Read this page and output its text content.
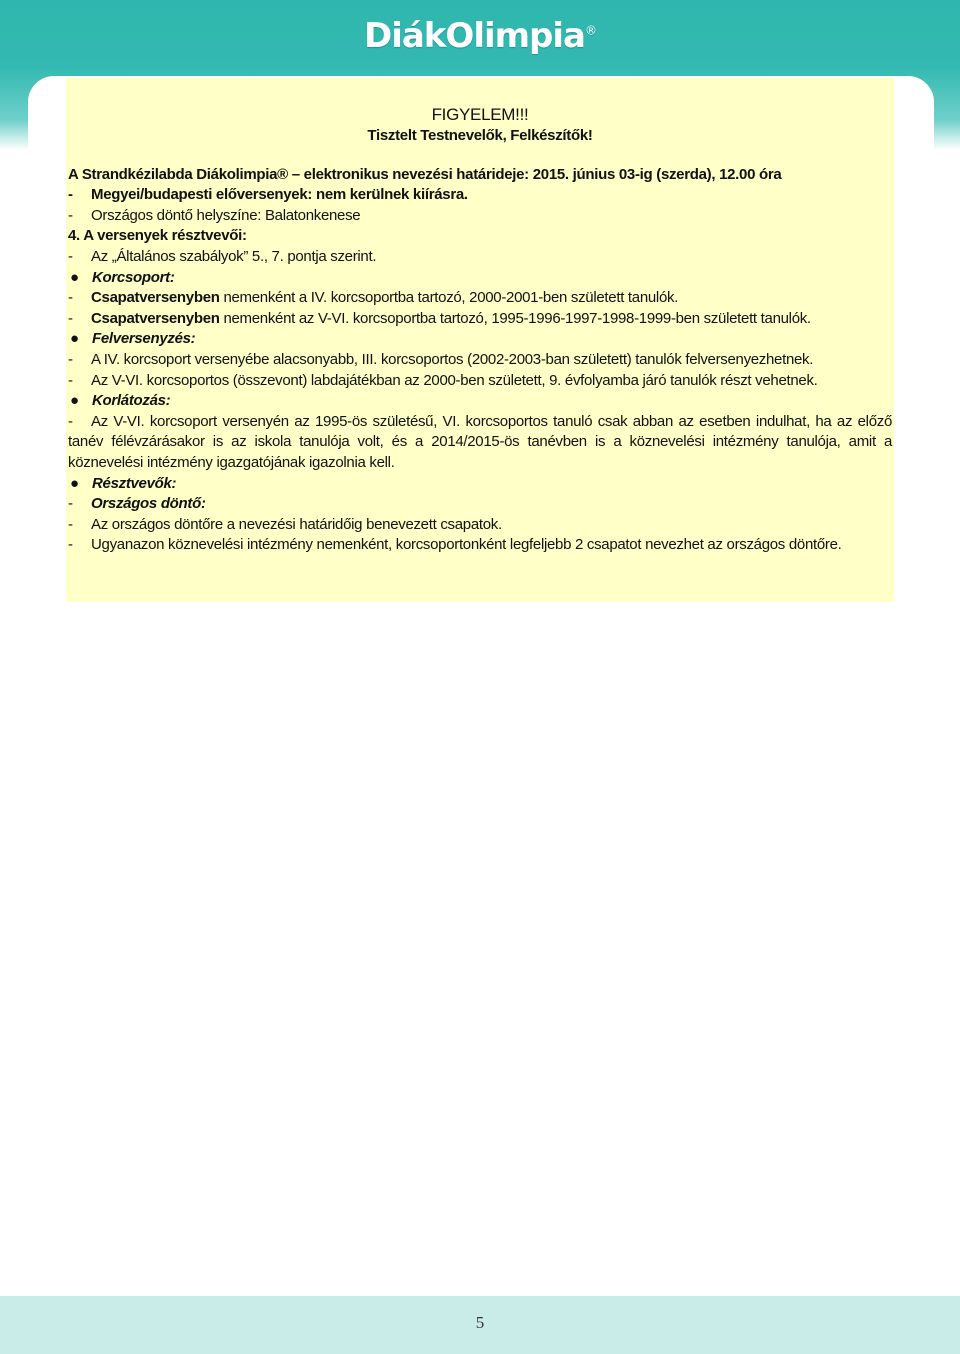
DiákOlimpia®
FIGYELEM!!!
Tisztelt Testnevelők, Felkészítők!
A Strandkézilabda Diákolimpia® – elektronikus nevezési határideje: 2015. június 03-ig (szerda), 12.00 óra
- Megyei/budapesti előversenyek: nem kerülnek kiírásra.
- Országos döntő helyszíne: Balatonkenese
4. A versenyek résztvevői:
- Az „Általános szabályok” 5., 7. pontja szerint.
● Korcsoport:
- Csapatversenyben nemenként a IV. korcsoportba tartozó, 2000-2001-ben született tanulók.
- Csapatversenyben nemenként az V-VI. korcsoportba tartozó, 1995-1996-1997-1998-1999-ben született tanulók.
● Felversenyzés:
- A IV. korcsoport versenyébe alacsonyabb, III. korcsoportos (2002-2003-ban született) tanulók felversenyezhetnek.
- Az V-VI. korcsoportos (összevont) labdajátékban az 2000-ben született, 9. évfolyamba járó tanulók részt vehetnek.
● Korlátozás:
- Az V-VI. korcsoport versenyén az 1995-ös születésű, VI. korcsoportos tanuló csak abban az esetben indulhat, ha az előző tanév félévzárásakor is az iskola tanulója volt, és a 2014/2015-ös tanévben is a köznevelési intézmény tanulója, amit a köznevelési intézmény igazgatójának igazolnia kell.
● Résztvevők:
- Országos döntő:
- Az országos döntőre a nevezési határidőig benevezett csapatok.
- Ugyanazon köznevelési intézmény nemenként, korcsoportonként legfeljebb 2 csapatot nevezhet az országos döntőre.
5
